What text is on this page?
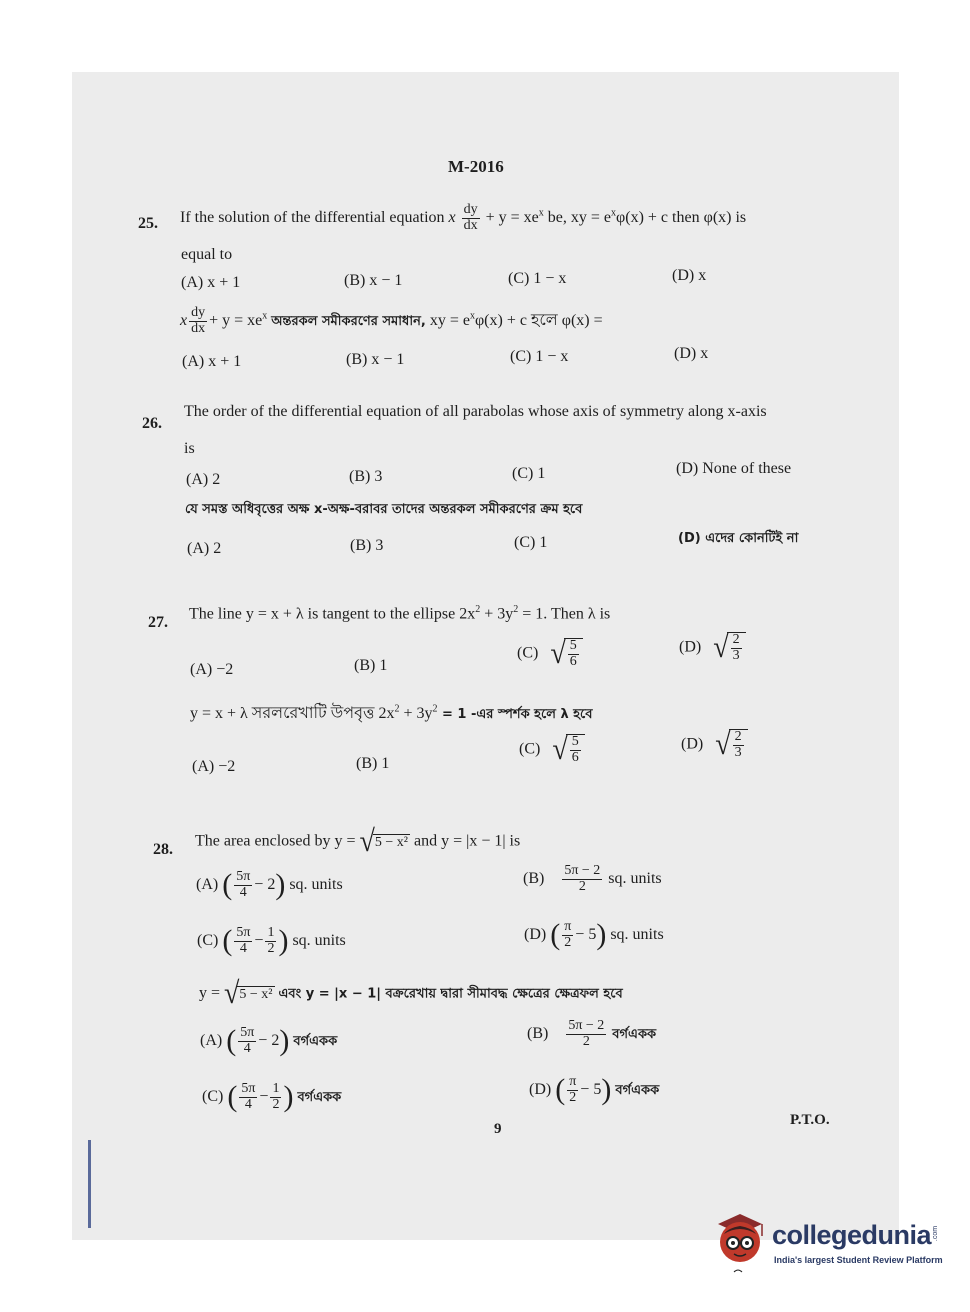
M-2016
25. If the solution of the differential equation x $\frac{dy}{dx} + y = xe^x$ be, xy = $e^x\varphi(x) + c$ then φ(x) is
equal to
(A) x + 1	(B) x − 1	(C) 1 − x	(D) x
x $\frac{dy}{dx} + y = xe^x$ অন্তরকল সমীকরণের সমাধান, xy = $e^x\varphi(x) + c$ হলে φ(x) =
(A) x + 1	(B) x − 1	(C) 1 − x	(D) x
26.
The order of the differential equation of all parabolas whose axis of symmetry along x-axis
is
(A) 2	(B) 3	(C) 1	(D) None of these
যে সমস্ত অধিবৃত্তের অক্ষ x-অক্ষ-বরাবর তাদের অন্তরকল সমীকরণের ক্রম হবে
(A) 2	(B) 3	(C) 1	(D) এদের কোনটিই না
27.
The line y = x + λ is tangent to the ellipse $2x^2 + 3y^2 = 1$. Then λ is
(A) −2	(B) 1
(C) √ $\frac{5}{6}$	(D) √ $\frac{2}{3}$
y = x + λ সরলরেখাটি উপবৃত্ত $2x^2 + 3y^2 = 1$ -এর স্পর্শক হলে λ হবে
(A) −2	(B) 1
(C) √ $\frac{5}{6}$	(D) √ $\frac{2}{3}$
28. The area enclosed by y = √ 5 − x² and y = |x − 1| is
(A) ( $\frac{5\pi}{4} - 2$) sq. units	$(B) \frac{5\pi - 2}{2}$ sq. units
(C) ( $\frac{5\pi}{4} - \frac{1}{2}$ ) sq. units	(D) ( $\frac{\pi}{2} - 5$) sq. units
y = √ 5 − x² এবং y = |x − 1| বক্ররেখায় দ্বারা সীমাবদ্ধ ক্ষেত্রের ক্ষেত্রফল হবে
(A) ( $\frac{5\pi}{4} - 2$) বর্গএকক	$(B) \frac{5\pi - 2}{2}$ বর্গএকক
(C) ( $\frac{5\pi}{4} - \frac{1}{2}$ ) বর্গএকক	(D) ( $\frac{\pi}{2} - 5$) বর্গএকক
9
P.T.O.
collegedunia .com
India's largest Student Review Platform
